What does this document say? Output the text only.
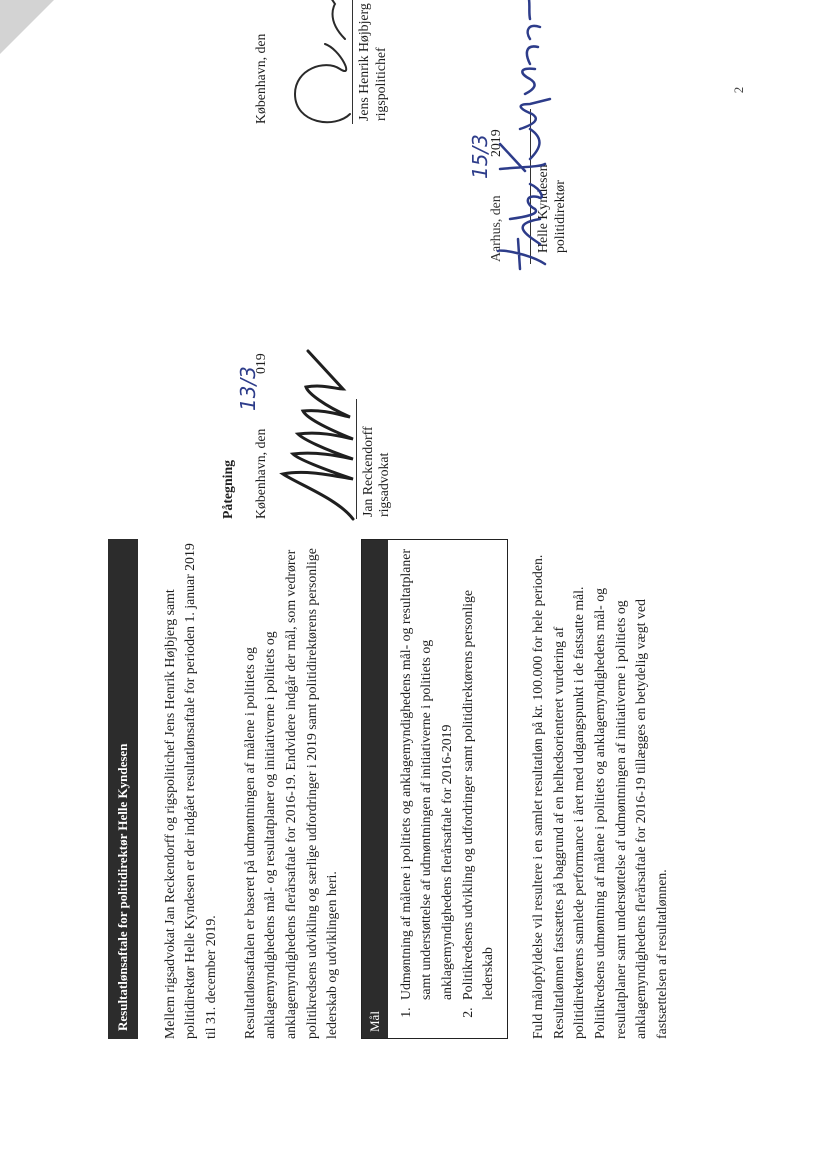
2
Resultatlønsaftale for politidirektør Helle Kyndesen	Mellem rigsadvokat Jan Reckendorff og rigspolitichef Jens Henrik Højbjerg samt politidirektør Helle Kyndesen er der indgået resultatlønsaftale for perioden 1. januar 2019 til 31. december 2019. Resultatlønsaftalen er baseret på udmøntningen af målene i politiets og anklagemyndighedens mål- og resultatplaner og initiativerne i politiets og anklagemyndighedens flerårsaftale for 2016-19. Endvidere indgår der mål, som vedrører politikredsens udvikling og særlige udfordringer i 2019 samt politidirektørens personlige lederskab og udviklingen heri.	Mål
1. Udmøntning af målene i politiets og anklagemyndighedens mål- og resultatplaner samt understøttelse af udmøntningen af initiativerne i politiets og anklagemyndighedens flerårsaftale for 2016-2019
2. Politikredsens udvikling og udfordringer samt politidirektørens personlige lederskab	Fuld målopfyldelse vil resultere i en samlet resultatløn på kr. 100.000 for hele perioden. Resultatlønnen fastsættes på baggrund af en helhedsorienteret vurdering af politidirektørens samlede performance i året med udgangspunkt i de fastsatte mål. Politikredsens udmøntning af målene i politiets og anklagemyndighedens mål- og resultatplaner samt understøttelse af udmøntningen af initiativerne i politiets og anklagemyndighedens flerårsaftale for 2016-19 tillægges en betydelig vægt ved fastsættelsen af resultatlønnen.

Påtegning København, den
13/3
019
Jan Reckendorff rigsadvokat
København, den	Jens Henrik Højbjerg rigspolitichef
Aarhus, den
15/3
2019
Helle Kyndesen politidirektør
